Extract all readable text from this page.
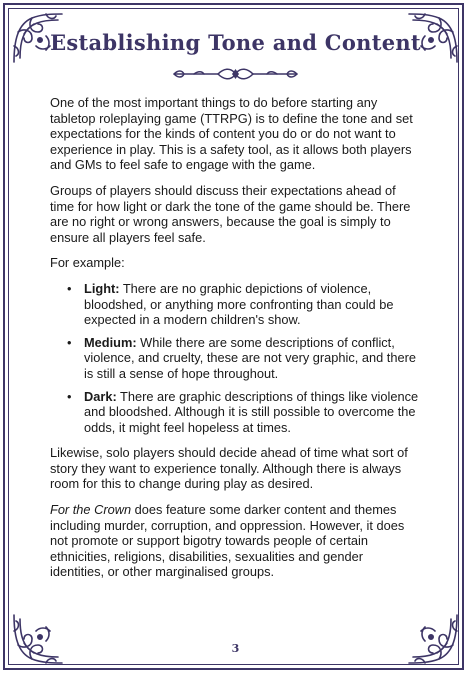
Establishing Tone and Content

One of the most important things to do before starting any tabletop roleplaying game (TTRPG) is to define the tone and set expectations for the kinds of content you do or do not want to experience in play. This is a safety tool, as it allows both players and GMs to feel safe to engage with the game.

Groups of players should discuss their expectations ahead of time for how light or dark the tone of the game should be. There are no right or wrong answers, because the goal is simply to ensure all players feel safe.

For example:

• Light: There are no graphic depictions of violence, bloodshed, or anything more confronting than could be expected in a modern children's show.
• Medium: While there are some descriptions of conflict, violence, and cruelty, these are not very graphic, and there is still a sense of hope throughout.
• Dark: There are graphic descriptions of things like violence and bloodshed. Although it is still possible to overcome the odds, it might feel hopeless at times.

Likewise, solo players should decide ahead of time what sort of story they want to experience tonally. Although there is always room for this to change during play as desired.

For the Crown does feature some darker content and themes including murder, corruption, and oppression. However, it does not promote or support bigotry towards people of certain ethnicities, religions, disabilities, sexualities and gender identities, or other marginalised groups.

3
